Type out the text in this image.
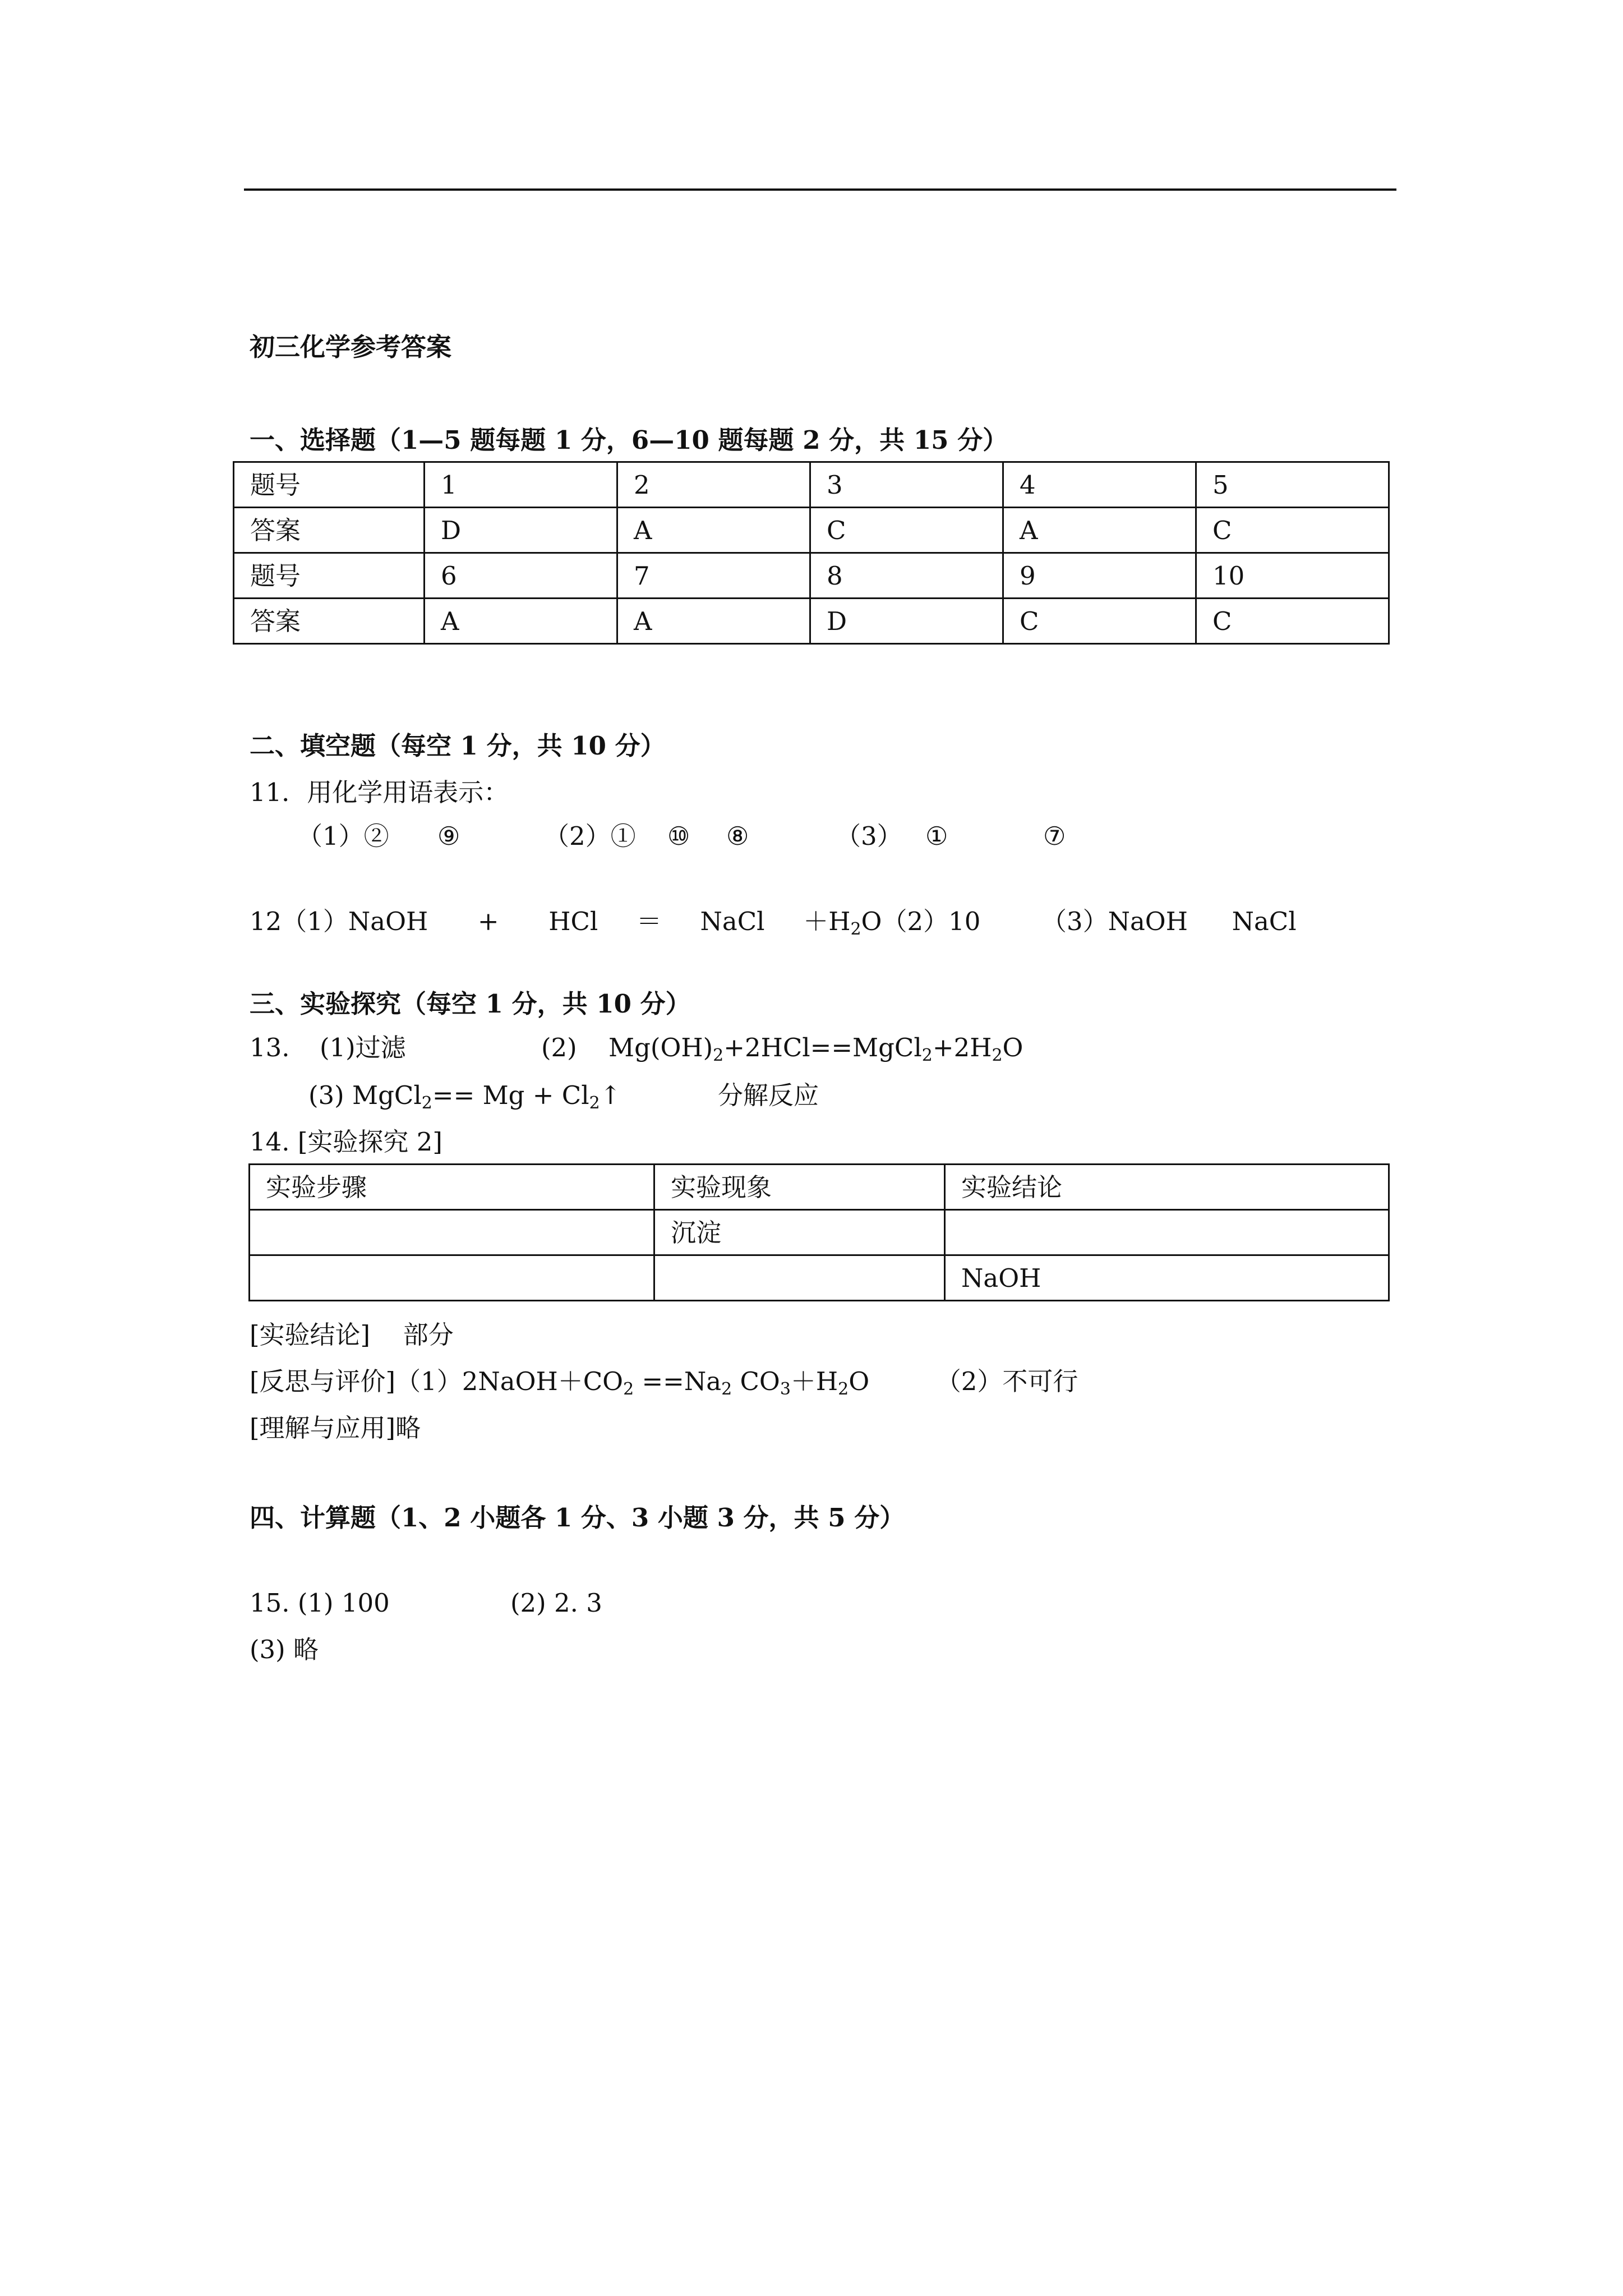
初三化学参考答案
一、选择题（1—5 题每题 1 分，6—10 题每题 2 分，共 15 分）
题号	1	2	3	4	5
答案	D	A	C	A	C
题号	6	7	8	9	10
答案	A	A	D	C	C
二、填空题（每空 1 分，共 10 分）
11．用化学用语表示：
（1）② ⑨	（2）① ⑩ ⑧	（3） ①	⑦
12（1）NaOH + HCl ＝ NaCl $+H_2O(2)10$ （3）NaOH NaCl
三、实验探究（每空 1 分，共 10 分）
13. (1)过滤	(2) $Mg(OH)_2+2HCl==MgCl_2+2H_2O$
(3) MgCl$_2$== $Mg + Cl_2↑$	分解反应
14. [实验探究 2]
实验步骤	实验现象	实验结论
	沉淀	
		NaOH
[实验结论] 部分
[反思与评价]$(1)2NaOH+CO_2 ==Na_2$ $CO_3+H_2O$	（2）不可行
[理解与应用]略
四、计算题（1、2 小题各 1 分、3 小题 3 分，共 5 分）
15. (1) 100	(2) 2. 3
(3) 略
